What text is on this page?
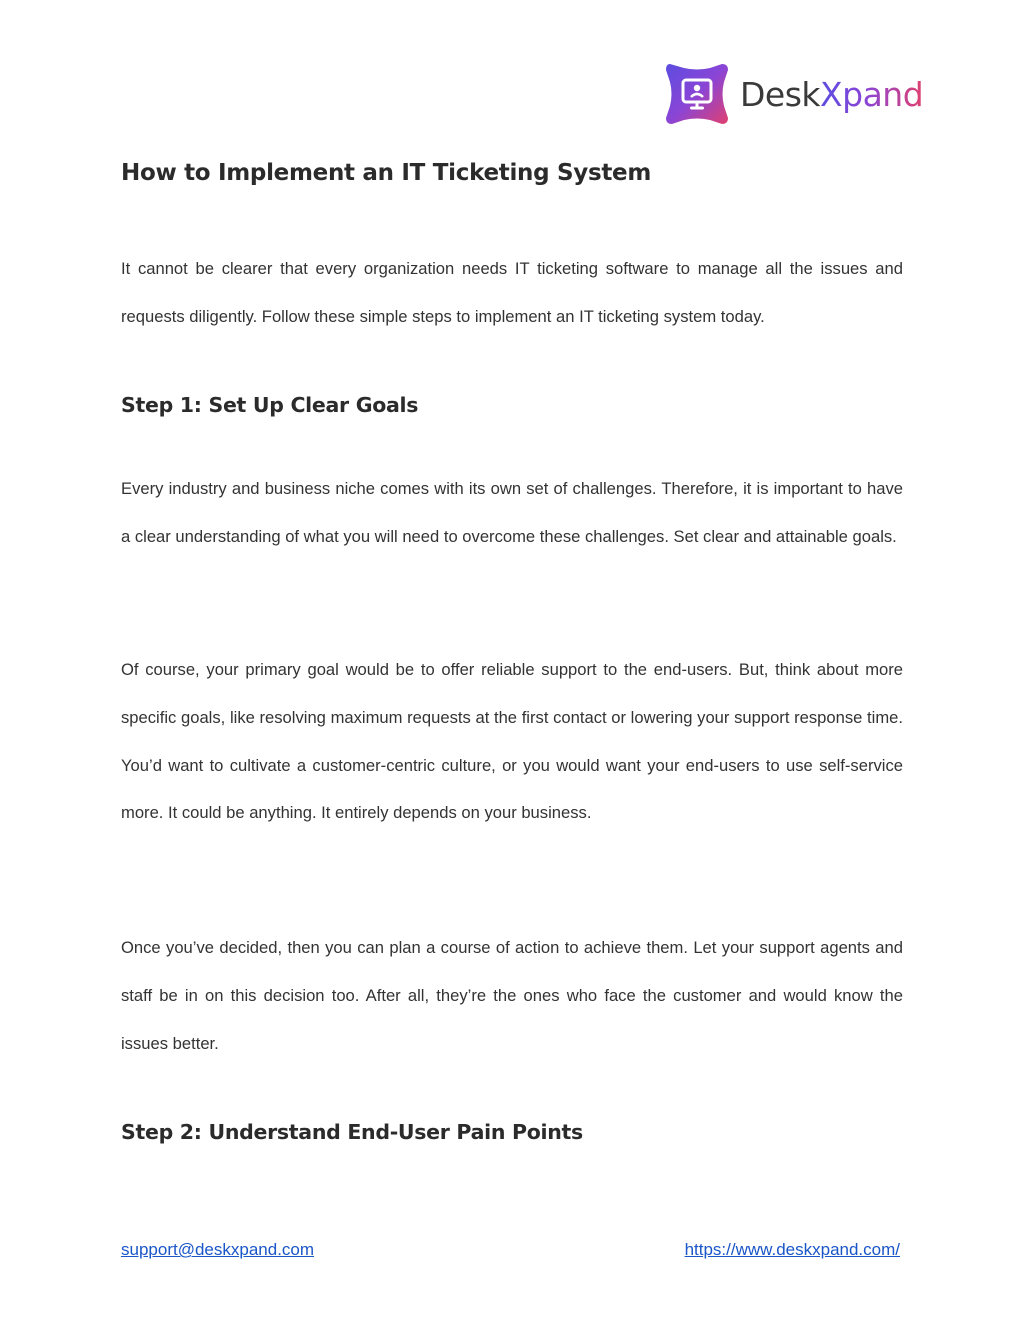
DeskXpand
How to Implement an IT Ticketing System

It cannot be clearer that every organization needs IT ticketing software to manage all the issues and requests diligently. Follow these simple steps to implement an IT ticketing system today.

Step 1: Set Up Clear Goals

Every industry and business niche comes with its own set of challenges. Therefore, it is important to have a clear understanding of what you will need to overcome these challenges. Set clear and attainable goals.

Of course, your primary goal would be to offer reliable support to the end-users. But, think about more specific goals, like resolving maximum requests at the first contact or lowering your support response time. You’d want to cultivate a customer-centric culture, or you would want your end-users to use self-service more. It could be anything. It entirely depends on your business.

Once you’ve decided, then you can plan a course of action to achieve them. Let your support agents and staff be in on this decision too. After all, they’re the ones who face the customer and would know the issues better.

Step 2: Understand End-User Pain Points
support@deskxpand.com	https://www.deskxpand.com/
